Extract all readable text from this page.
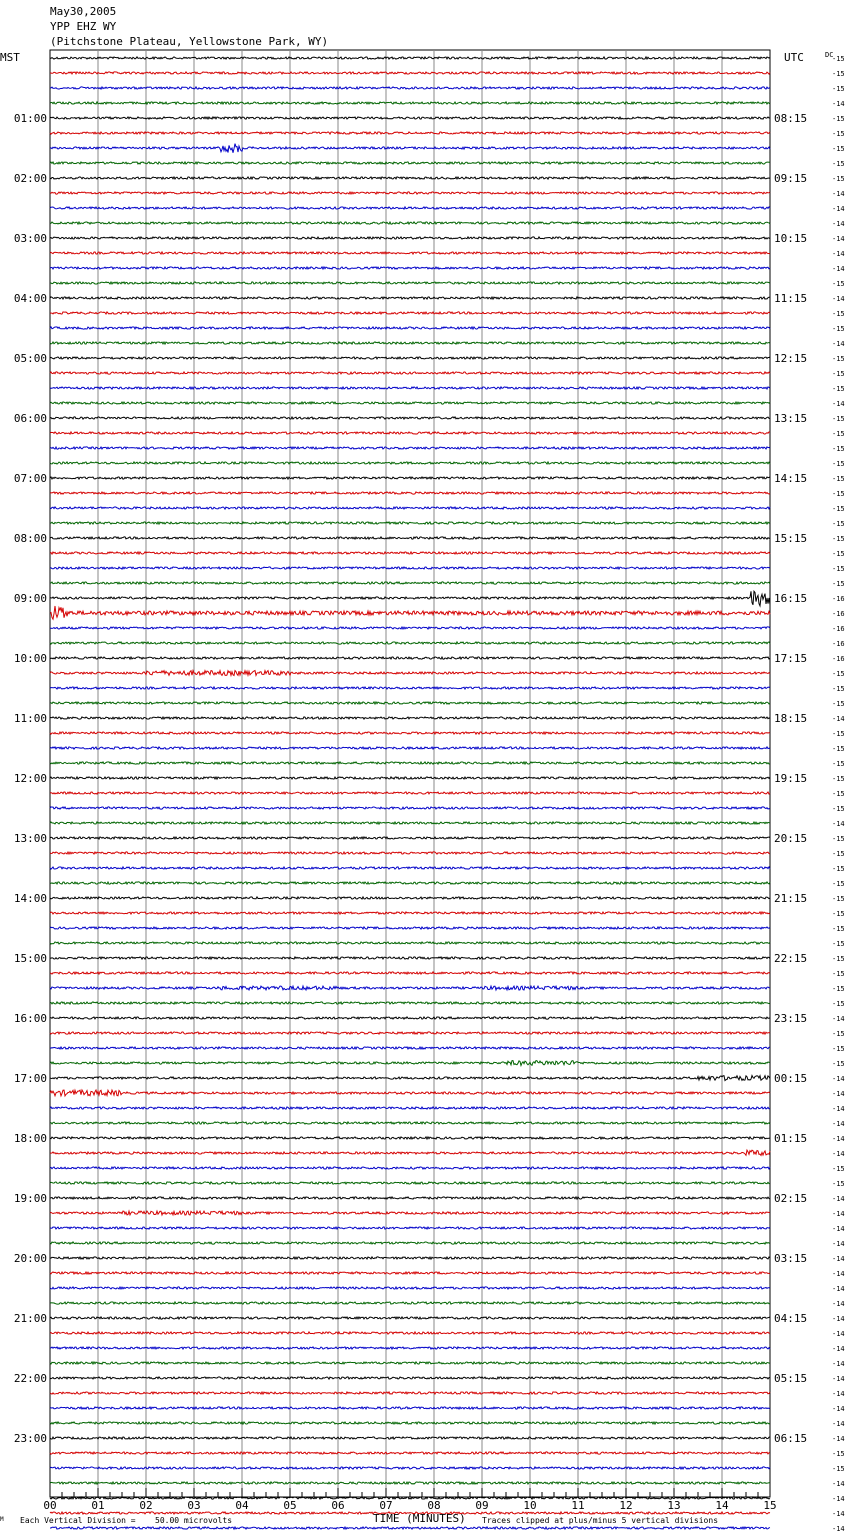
May30,2005
YPP EHZ WY
(Pitchstone Plateau, Yellowstone Park, WY)
MST	UTC	DC
-15
-15
-15
-14
-15
-15
-15
-15
-15
-14
-14
-14
-14
-14
-14
-15
-14
-15
-15
-14
-15
-15
-15
-14
-15
-15
-15
-15
-15
-15
-15
-15
-15
-15
-15
-15
-16
-16
-16
-16
-16
-15
-15
-15
-14
-15
-15
-15
-15
-15
-15
-14
-15
-15
-15
-15
-15
-15
-15
-15
-15
-15
-15
-15
-14
-15
-15
-15
-14
-14
-14
-14
-14
-14
-15
-15
-14
-14
-14
-14
-14
-14
-14
-14
-14
-14
-14
-14
-14
-14
-14
-14
-14
-15
-15
-14
-14
-14
-14
01:00
02:00
03:00
04:00
05:00
06:00
07:00
08:00
09:00
10:00
11:00
12:00
13:00
14:00
15:00
16:00
17:00
18:00
19:00
20:00
21:00
22:00
23:00
08:15
09:15
10:15
11:15
12:15
13:15
14:15
15:15
16:15
17:15
18:15
19:15
20:15
21:15
22:15
23:15
00:15
01:15
02:15
03:15
04:15
05:15
06:15
00	01	02	03	04	05	06	07	08	09	10	11	12	13	14	15
M Each Vertical Division = 50.00 microvolts	TIME (MINUTES) Traces clipped at plus/minus 5 vertical divisions
